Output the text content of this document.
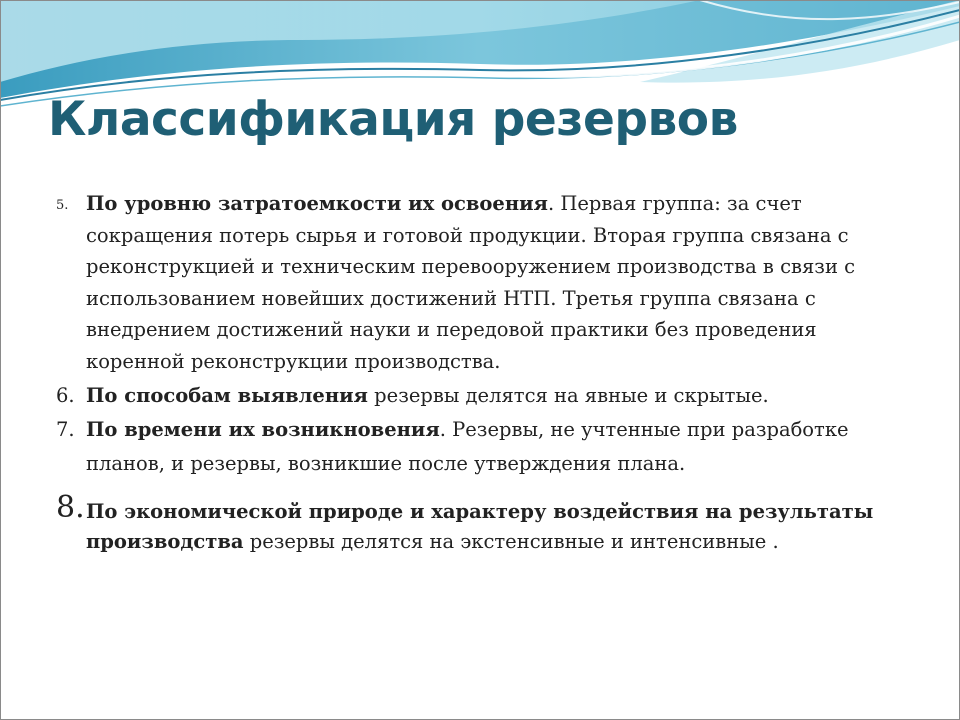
Классификация резервов
5. По уровню затратоемкости их освоения. Первая группа: за счет сокращения потерь сырья и готовой продукции. Вторая группа связана с реконструкцией и техническим перевооружением производства в связи с использованием новейших достижений НТП. Третья группа связана с внедрением достижений науки и передовой практики без проведения коренной реконструкции производства.

6. По способам выявления резервы делятся на явные и скрытые.

7. По времени их возникновения. Резервы, не учтенные при разработке планов, и резервы, возникшие после утверждения плана.

8. По экономической природе и характеру воздействия на результаты производства резервы делятся на экстенсивные и интенсивные .
